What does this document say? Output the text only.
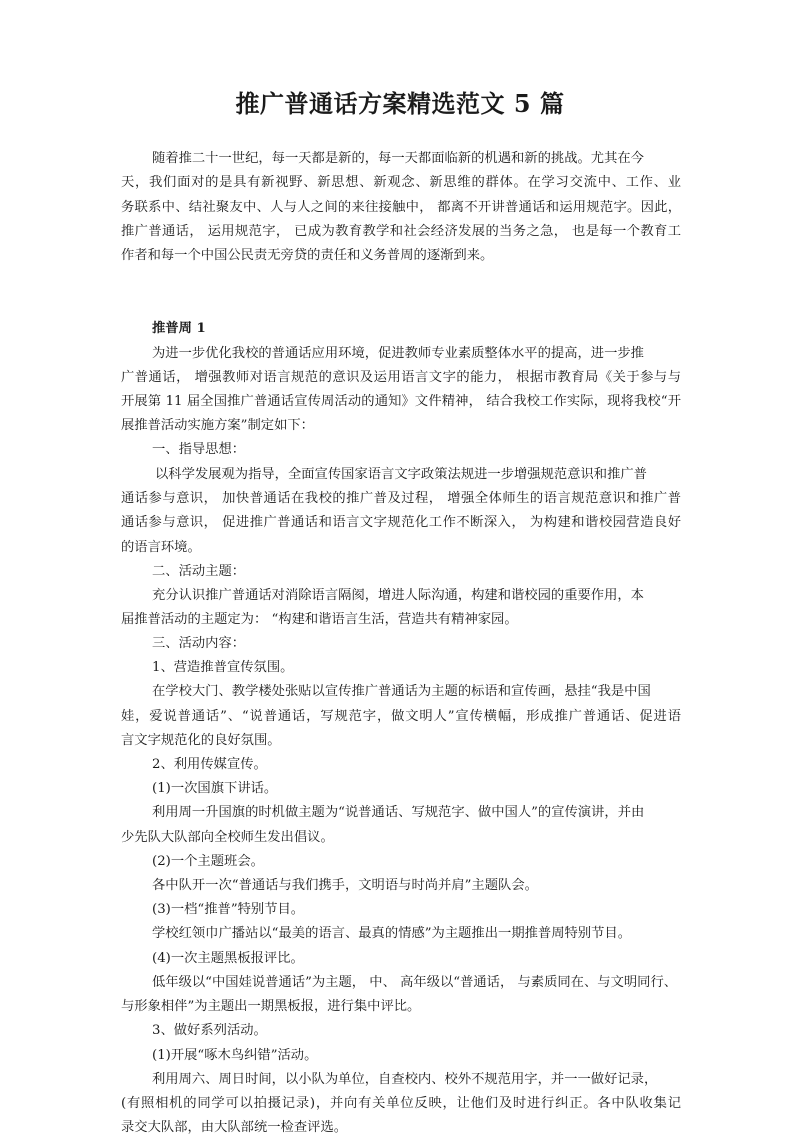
推广普通话方案精选范文 5 篇
随着推二十一世纪，每一天都是新的，每一天都面临新的机遇和新的挑战。尤其在今
天，我们面对的是具有新视野、新思想、新观念、新思维的群体。在学习交流中、工作、业
务联系中、结社聚友中、人与人之间的来往接触中， 都离不开讲普通话和运用规范字。因此，
推广普通话， 运用规范字， 已成为教育教学和社会经济发展的当务之急， 也是每一个教育工
作者和每一个中国公民责无旁贷的责任和义务普周的逐渐到来。
推普周 1
为进一步优化我校的普通话应用环境，促进教师专业素质整体水平的提高，进一步推
广普通话， 增强教师对语言规范的意识及运用语言文字的能力， 根据市教育局《关于参与与
开展第 11 届全国推广普通话宣传周活动的通知》文件精神， 结合我校工作实际，现将我校“开
展推普活动实施方案”制定如下：
一、指导思想：
以科学发展观为指导，全面宣传国家语言文字政策法规进一步增强规范意识和推广普
通话参与意识， 加快普通话在我校的推广普及过程， 增强全体师生的语言规范意识和推广普
通话参与意识， 促进推广普通话和语言文字规范化工作不断深入， 为构建和谐校园营造良好
的语言环境。
二、活动主题：
充分认识推广普通话对消除语言隔阂，增进人际沟通，构建和谐校园的重要作用，本
届推普活动的主题定为： “构建和谐语言生活，营造共有精神家园。
三、活动内容：
1、营造推普宣传氛围。
在学校大门、教学楼处张贴以宣传推广普通话为主题的标语和宣传画，悬挂“我是中国
娃，爱说普通话”、“说普通话，写规范字，做文明人”宣传横幅，形成推广普通话、促进语
言文字规范化的良好氛围。
2、利用传媒宣传。
(1)一次国旗下讲话。
利用周一升国旗的时机做主题为“说普通话、写规范字、做中国人”的宣传演讲，并由
少先队大队部向全校师生发出倡议。
(2)一个主题班会。
各中队开一次“普通话与我们携手，文明语与时尚并肩”主题队会。
(3)一档“推普”特别节目。
学校红领巾广播站以“最美的语言、最真的情感”为主题推出一期推普周特别节目。
(4)一次主题黑板报评比。
低年级以“中国娃说普通话”为主题， 中、 高年级以“普通话， 与素质同在、与文明同行、
与形象相伴”为主题出一期黑板报，进行集中评比。
3、做好系列活动。
(1)开展“啄木鸟纠错”活动。
利用周六、周日时间，以小队为单位，自查校内、校外不规范用字，并一一做好记录，
(有照相机的同学可以拍摄记录)，并向有关单位反映，让他们及时进行纠正。各中队收集记
录交大队部，由大队部统一检查评选。
